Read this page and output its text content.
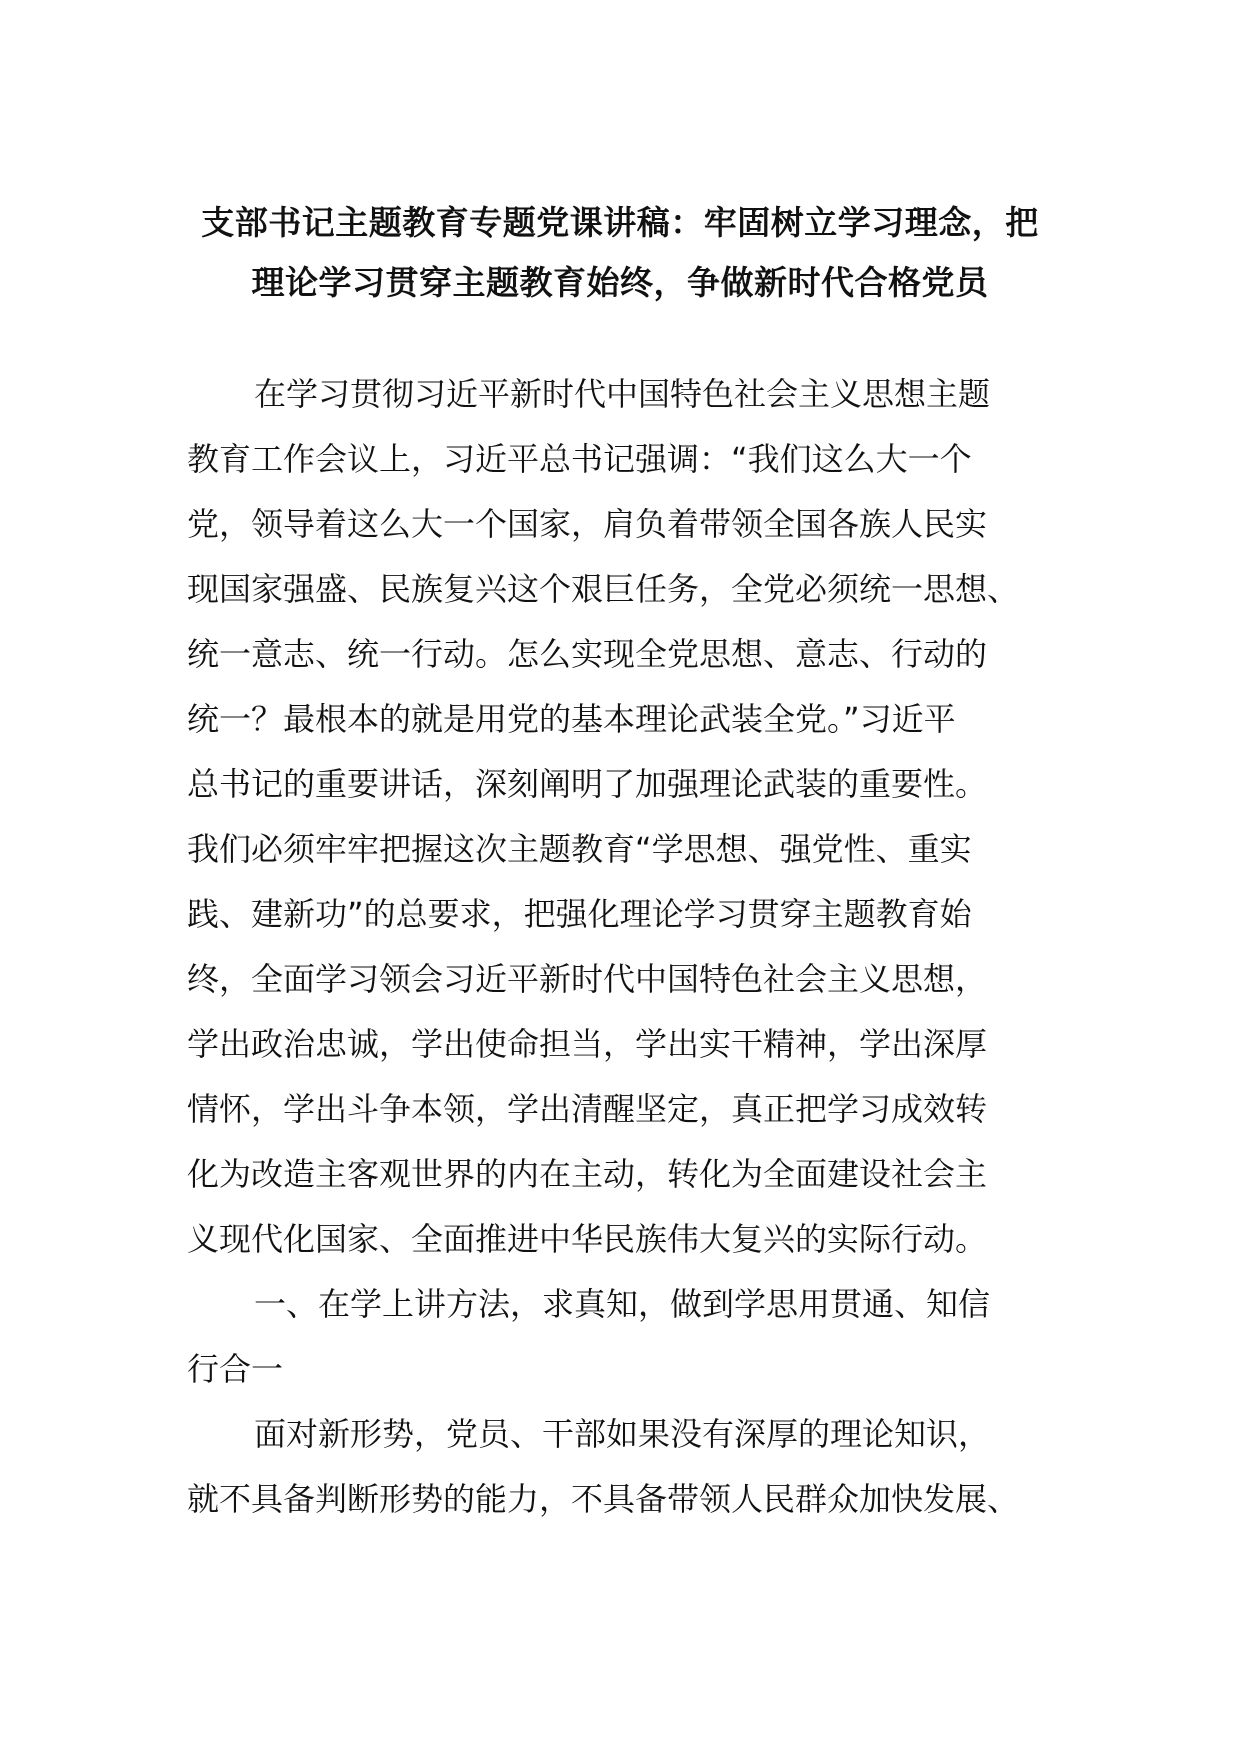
支部书记主题教育专题党课讲稿：牢固树立学习理念，把
理论学习贯穿主题教育始终，争做新时代合格党员
在学习贯彻习近平新时代中国特色社会主义思想主题
教育工作会议上，习近平总书记强调：“我们这么大一个
党，领导着这么大一个国家，肩负着带领全国各族人民实
现国家强盛、民族复兴这个艰巨任务，全党必须统一思想、
统一意志、统一行动。怎么实现全党思想、意志、行动的
统一？最根本的就是用党的基本理论武装全党。”习近平
总书记的重要讲话，深刻阐明了加强理论武装的重要性。
我们必须牢牢把握这次主题教育“学思想、强党性、重实
践、建新功”的总要求，把强化理论学习贯穿主题教育始
终，全面学习领会习近平新时代中国特色社会主义思想，
学出政治忠诚，学出使命担当，学出实干精神，学出深厚
情怀，学出斗争本领，学出清醒坚定，真正把学习成效转
化为改造主客观世界的内在主动，转化为全面建设社会主
义现代化国家、全面推进中华民族伟大复兴的实际行动。
一、在学上讲方法，求真知，做到学思用贯通、知信
行合一
面对新形势，党员、干部如果没有深厚的理论知识，
就不具备判断形势的能力，不具备带领人民群众加快发展、
